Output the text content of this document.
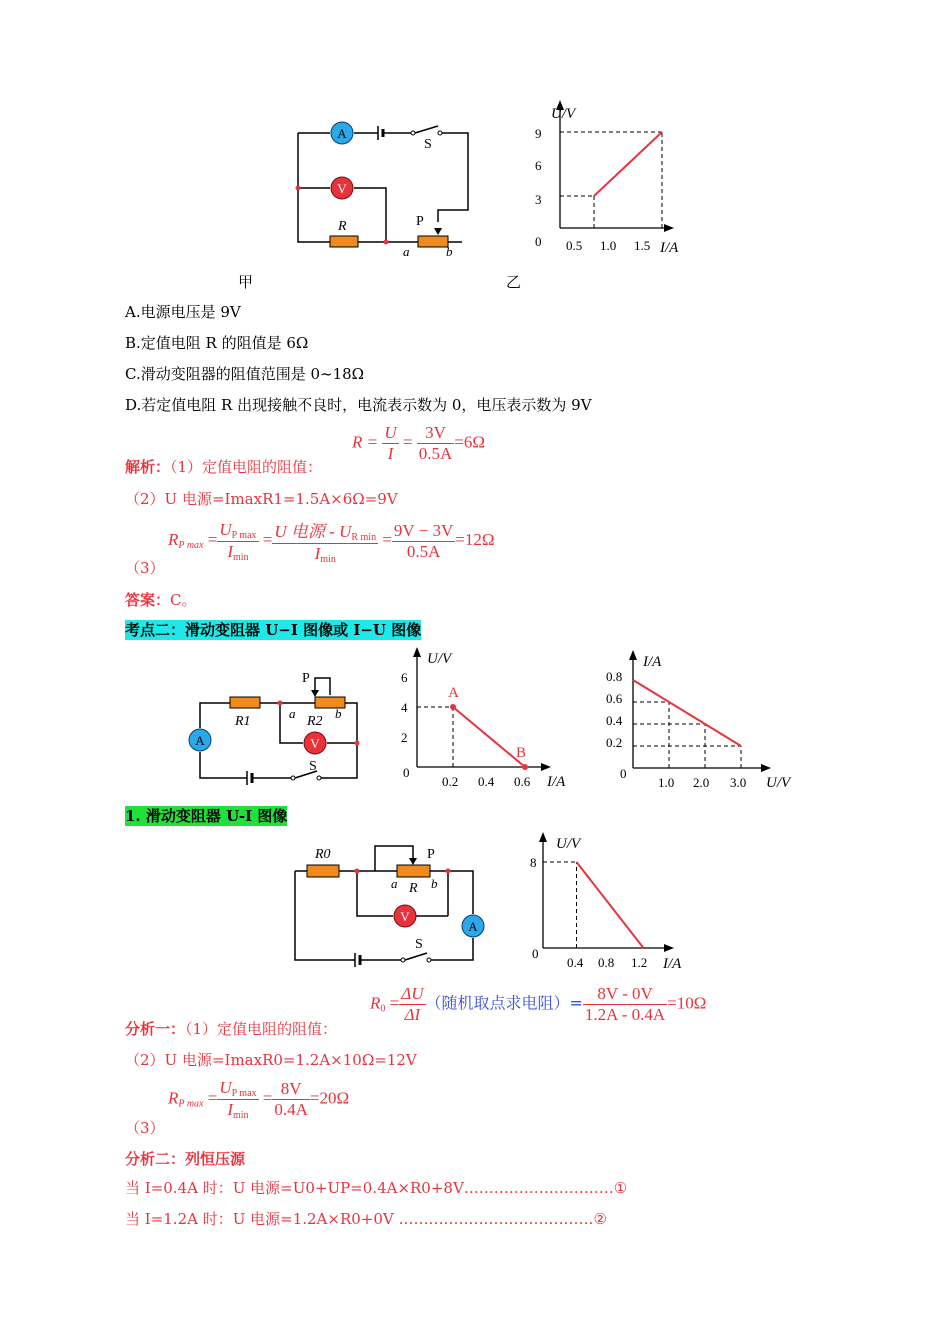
A
V
S
R	P
a	b
U/V
I/A
0
9
6
3
0.5 1.0 1.5
甲	乙
A.电源电压是 9V
B.定值电阻 R 的阻值是 6Ω
C.滑动变阻器的阻值范围是 0~18Ω
D.若定值电阻 R 出现接触不良时，电流表示数为 0，电压表示数为 9V
解析：（1）定值电阻的阻值：
$R = \frac{U}{I} = \frac{3V}{0.5A} =6\Omega$
（2）U 电源=ImaxR1=1.5A×6Ω=9V
（3）
$R_{P max} = \frac{U_{P max}}{I_{min}} = \frac{U 电源 - U_{R min}}{I_{min}} = \frac{9V - 3V}{0.5A} =12\Omega$
答案：C。
考点二：滑动变阻器 U−I 图像或 I−U 图像
A	V
R1	R2
P
a	b
S
U/V
I/A
0
6
4
2
0.2 0.4 0.6
A
B
I/A
U/V
0
0.8
0.6
0.4
0.2
1.0 2.0 3.0
1. 滑动变阻器 U-I 图像
V
A
R0	P
a R b
S
U/V
I/A
0
8
0.4 0.8 1.2
分析一：（1）定值电阻的阻值：
$R_0 = \frac{\Delta U}{\Delta I}$ （随机取点求电阻）= $\frac{8V - 0V}{1.2A - 0.4A} =10\Omega$
（2）U 电源=ImaxR0=1.2A×10Ω=12V
（3）
$R_{P max} = \frac{U_{P max}}{I_{min}} = \frac{8V}{0.4A} =20\Omega$
分析二：列恒压源
当 I=0.4A 时：U 电源=U0+UP=0.4A×R0+8V…………………………①
当 I=1.2A 时：U 电源=1.2A×R0+0V …………………………………②
